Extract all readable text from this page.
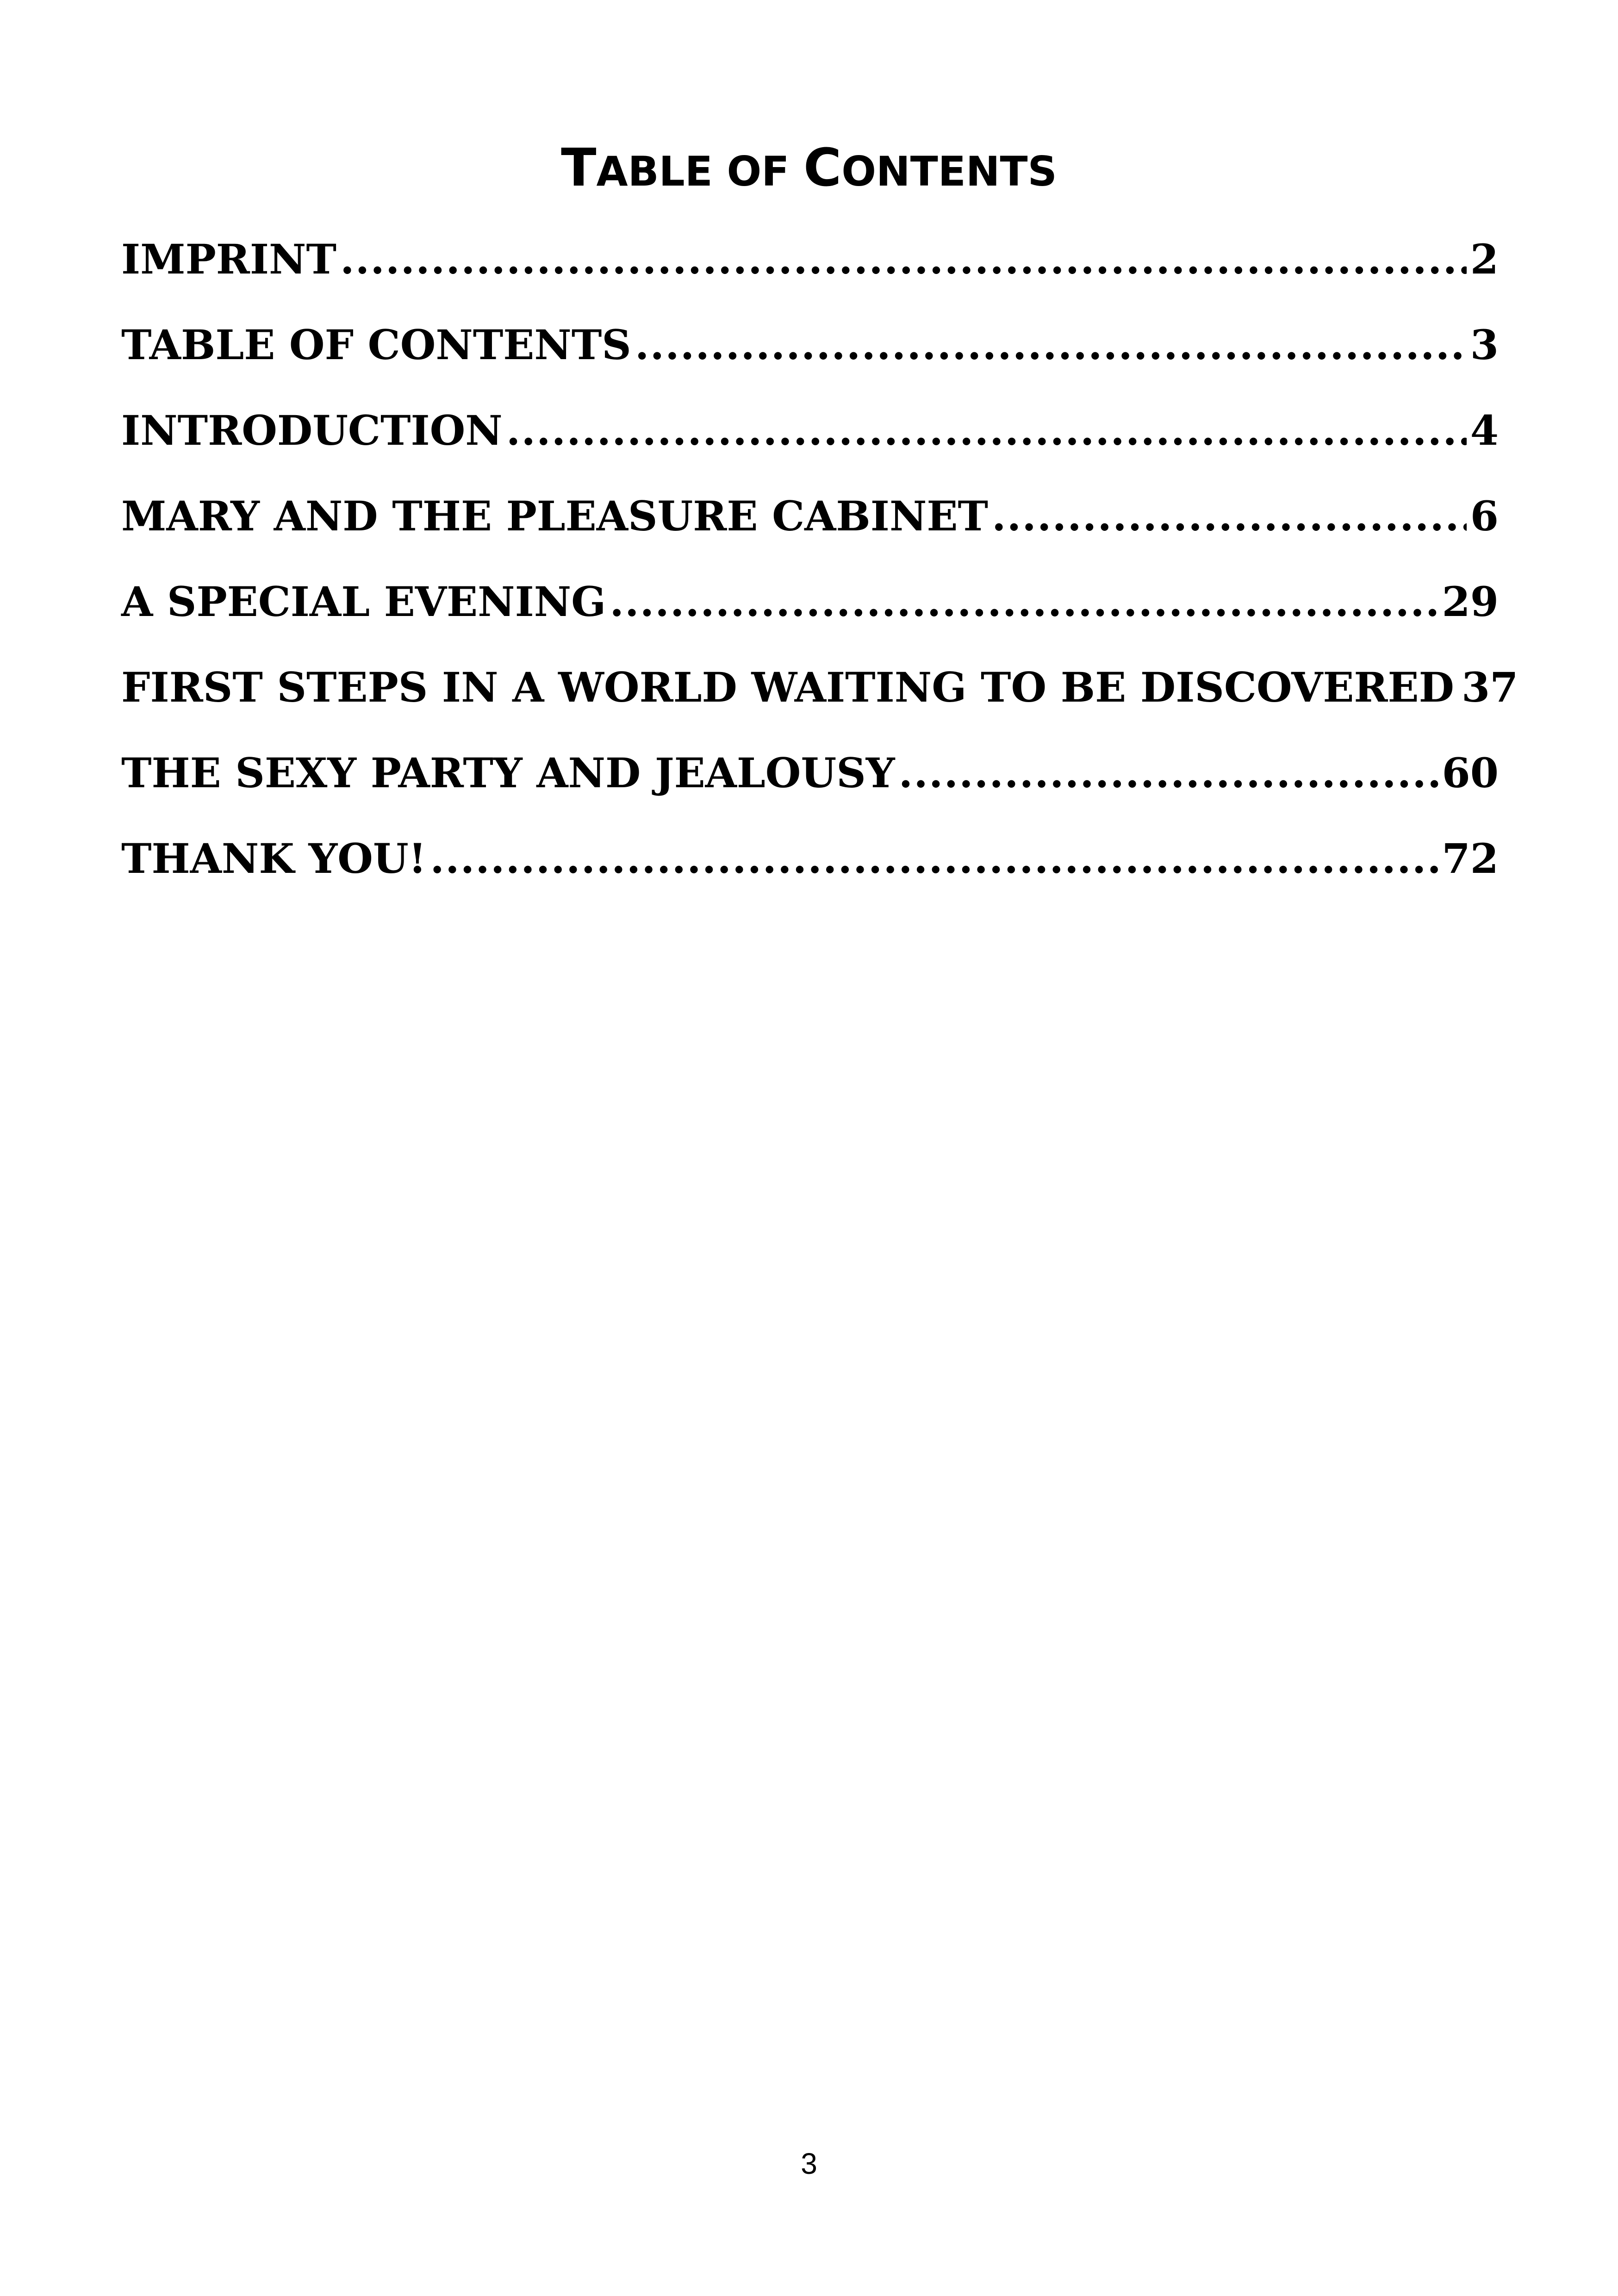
TABLE OF CONTENTS
IMPRINT .....	2
TABLE OF CONTENTS .....	3
INTRODUCTION .....	4
MARY AND THE PLEASURE CABINET .....	6
A SPECIAL EVENING .....	29
FIRST STEPS IN A WORLD WAITING TO BE DISCOVERED 37
THE SEXY PARTY AND JEALOUSY .....	60
THANK YOU! .....	72
3
